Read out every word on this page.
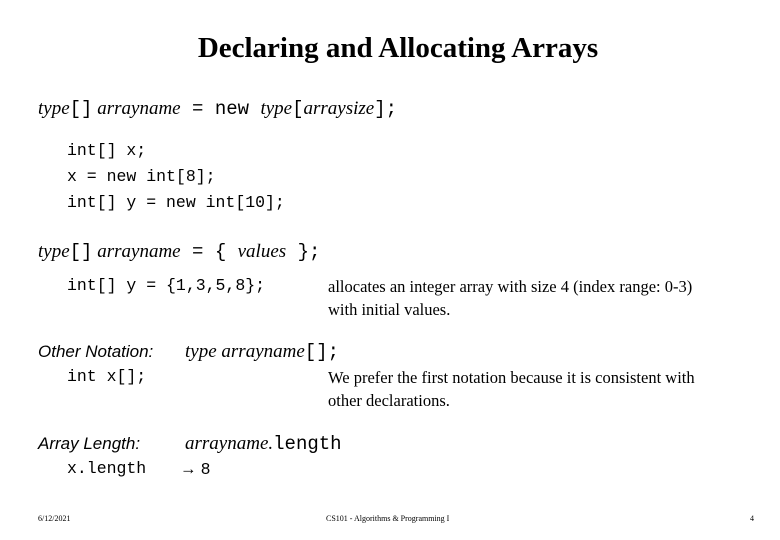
Declaring and Allocating Arrays
type[] arrayname = new type[arraysize];
int[] x;
x = new int[8];
int[] y = new int[10];
type[] arrayname = { values };
int[] y = {1,3,5,8};	allocates an integer array with size 4 (index range: 0-3)
with initial values.
Other Notation: type arrayname[];
int x[];	We prefer the first notation because it is consistent with
other declarations.
Array Length: arrayname.length
x.length → 8
6/12/2021	CS101 - Algorithms & Programming I	4
